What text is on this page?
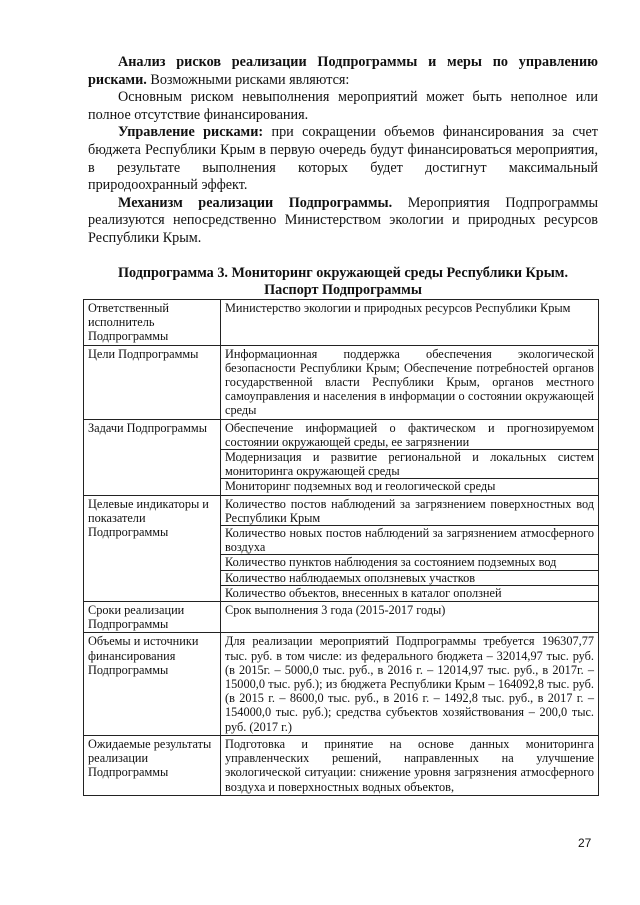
Анализ рисков реализации Подпрограммы и меры по управлению рисками. Возможными рисками являются:

Основным риском невыполнения мероприятий может быть неполное или полное отсутствие финансирования.

Управление рисками: при сокращении объемов финансирования за счет бюджета Республики Крым в первую очередь будут финансироваться мероприятия, в результате выполнения которых будет достигнут максимальный природоохранный эффект.

Механизм реализации Подпрограммы. Мероприятия Подпрограммы реализуются непосредственно Министерством экологии и природных ресурсов Республики Крым.

Подпрограмма 3. Мониторинг окружающей среды Республики Крым.
Паспорт Подпрограммы
Ответственный исполнитель Подпрограммы	Министерство экологии и природных ресурсов Республики Крым

Цели Подпрограммы	Информационная поддержка обеспечения экологической безопасности Республики Крым; Обеспечение потребностей органов государственной власти Республики Крым, органов местного самоуправления и населения в информации о состоянии окружающей среды

Задачи Подпрограммы	Обеспечение информацией о фактическом и прогнозируемом состоянии окружающей среды, ее загрязнении
Модернизация и развитие региональной и локальных систем мониторинга окружающей среды
Мониторинг подземных вод и геологической среды

Целевые индикаторы и показатели Подпрограммы	Количество постов наблюдений за загрязнением поверхностных вод Республики Крым
Количество новых постов наблюдений за загрязнением атмосферного воздуха
Количество пунктов наблюдения за состоянием подземных вод
Количество наблюдаемых оползневых участков
Количество объектов, внесенных в каталог оползней

Сроки реализации Подпрограммы	Срок выполнения 3 года (2015-2017 годы)

Объемы и источники финансирования Подпрограммы	Для реализации мероприятий Подпрограммы требуется 196307,77 тыс. руб. в том числе: из федерального бюджета – 32014,97 тыс. руб. (в 2015г. – 5000,0 тыс. руб., в 2016 г. – 12014,97 тыс. руб., в 2017г. – 15000,0 тыс. руб.); из бюджета Республики Крым – 164092,8 тыс. руб. (в 2015 г. – 8600,0 тыс. руб., в 2016 г. – 1492,8 тыс. руб., в 2017 г. – 154000,0 тыс. руб.); средства субъектов хозяйствования – 200,0 тыс. руб. (2017 г.)

Ожидаемые результаты реализации Подпрограммы	Подготовка и принятие на основе данных мониторинга управленческих решений, направленных на улучшение экологической ситуации: снижение уровня загрязнения атмосферного воздуха и поверхностных водных объектов,
27
